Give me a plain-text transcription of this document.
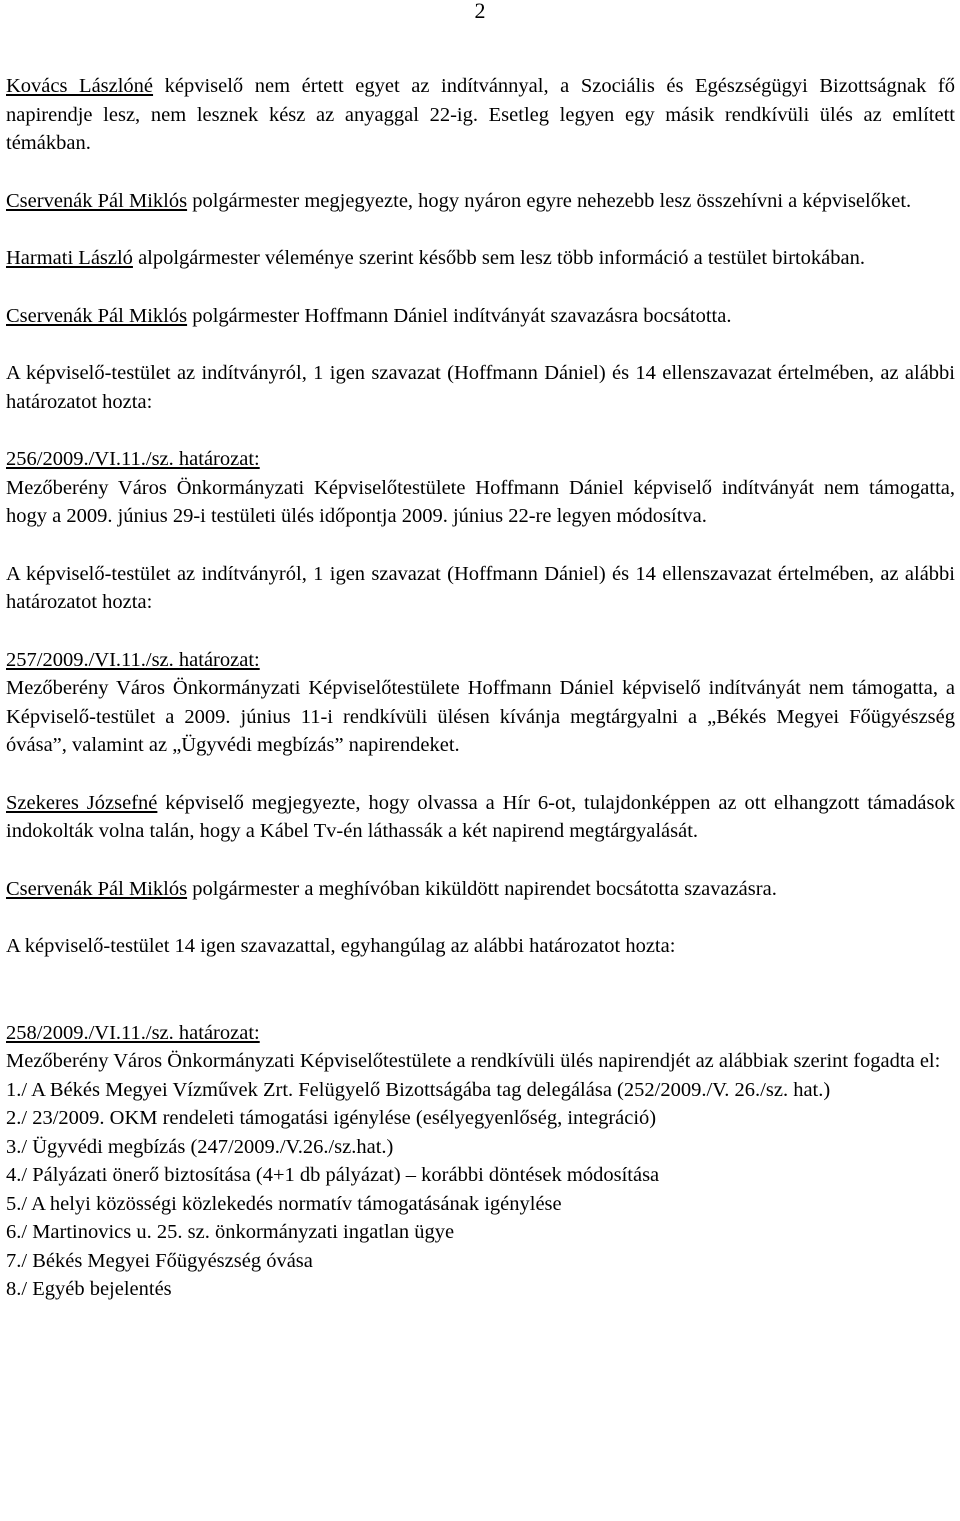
2

Kovács Lászlóné képviselő nem értett egyet az indítvánnyal, a Szociális és Egészségügyi Bizottságnak fő napirendje lesz, nem lesznek kész az anyaggal 22-ig. Esetleg legyen egy másik rendkívüli ülés az említett témákban.

Cservenák Pál Miklós polgármester megjegyezte, hogy nyáron egyre nehezebb lesz összehívni a képviselőket.

Harmati László alpolgármester véleménye szerint később sem lesz több információ a testület birtokában.

Cservenák Pál Miklós polgármester Hoffmann Dániel indítványát szavazásra bocsátotta.

A képviselő-testület az indítványról, 1 igen szavazat (Hoffmann Dániel) és 14 ellenszavazat értelmében, az alábbi határozatot hozta:

256/2009./VI.11./sz. határozat:
Mezőberény Város Önkormányzati Képviselőtestülete Hoffmann Dániel képviselő indítványát nem támogatta, hogy a 2009. június 29-i testületi ülés időpontja 2009. június 22-re legyen módosítva.

A képviselő-testület az indítványról, 1 igen szavazat (Hoffmann Dániel) és 14 ellenszavazat értelmében, az alábbi határozatot hozta:

257/2009./VI.11./sz. határozat:
Mezőberény Város Önkormányzati Képviselőtestülete Hoffmann Dániel képviselő indítványát nem támogatta, a Képviselő-testület a 2009. június 11-i rendkívüli ülésen kívánja megtárgyalni a „Békés Megyei Főügyészség óvása”, valamint az „Ügyvédi megbízás” napirendeket.

Szekeres Józsefné képviselő megjegyezte, hogy olvassa a Hír 6-ot, tulajdonképpen az ott elhangzott támadások indokolták volna talán, hogy a Kábel Tv-én láthassák a két napirend megtárgyalását.

Cservenák Pál Miklós polgármester a meghívóban kiküldött napirendet bocsátotta szavazásra.

A képviselő-testület 14 igen szavazattal, egyhangúlag az alábbi határozatot hozta:

258/2009./VI.11./sz. határozat:
Mezőberény Város Önkormányzati Képviselőtestülete a rendkívüli ülés napirendjét az alábbiak szerint fogadta el:
1./ A Békés Megyei Vízművek Zrt. Felügyelő Bizottságába tag delegálása (252/2009./V. 26./sz. hat.)
2./ 23/2009. OKM rendeleti támogatási igénylése (esélyegyenlőség, integráció)
3./ Ügyvédi megbízás (247/2009./V.26./sz.hat.)
4./ Pályázati önerő biztosítása (4+1 db pályázat) – korábbi döntések módosítása
5./ A helyi közösségi közlekedés normatív támogatásának igénylése
6./ Martinovics u. 25. sz. önkormányzati ingatlan ügye
7./ Békés Megyei Főügyészség óvása
8./ Egyéb bejelentés
